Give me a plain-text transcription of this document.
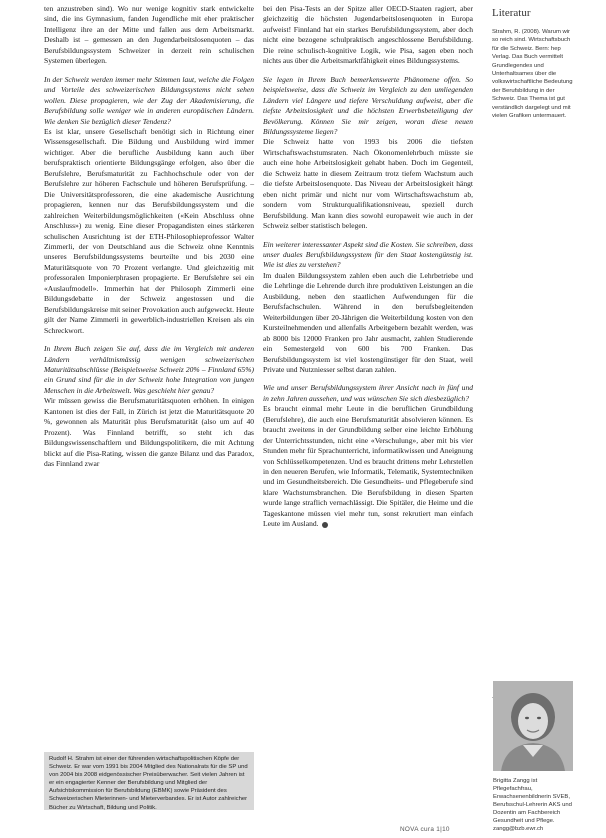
ten anzustreben sind). Wo nur wenige kognitiv stark entwickelte sind, die ins Gymnasium, fanden Jugendliche mit eher praktischer Intelligenz ihre an der Mitte und fallen aus dem Arbeitsmarkt. Deshalb ist – gemessen an den Jugendarbeitslosenquoten – das Berufsbildungssystem Schweizer in derzeit rein schulischen Systemen überlegen.

In der Schweiz werden immer mehr Stimmen laut, welche die Folgen und Vorteile des schweizerischen Bildungssystems nicht sehen wollen. Diese propagieren, wie der Zug der Akademisierung, die Berufsbildung solle weniger wie in anderen europäischen Ländern. Wie denken Sie bezüglich dieser Tendenz?

Es ist klar, unsere Gesellschaft benötigt sich in Richtung einer Wissensgesellschaft. Die Bildung und Ausbildung wird immer wichtiger. Aber die berufliche Ausbildung kann auch über berufspraktisch orientierte Bildungsgänge erfolgen, also über die Berufslehre, Berufsmaturität zu Fachhochschule oder von der Berufslehre zur höheren Fachschule und höheren Berufsprüfung. – Die Universitätsprofessoren, die eine akademische Ausrichtung propagieren, kennen nur das Berufsbildungssystem und die zahlreichen Weiterbildungsmöglichkeiten («Kein Abschluss ohne Anschluss») zu wenig. Eine dieser Propagandisten eines stärkeren schulischen Ausrichtung ist der ETH-Philosophieprofessor Walter Zimmerli, der von Deutschland aus die Schweiz ohne Kenntnis unseres Berufsbildungssystems beurteilte und bis 2030 eine Maturitätsquote von 70 Prozent verlangte. Und gleichzeitig mit professoralen Imponierphrasen propagierte. Er Berufslehre sei ein «Auslaufmodell». Immerhin hat der Philosoph Zimmerli eine Bildungsdebatte in der Schweiz angestossen und die Berufsbildungskreise mit seiner Provokation auch aufgeweckt. Heute gilt der Name Zimmerli in gewerblich-industriellen Kreisen als ein Schreckwort.

In Ihrem Buch zeigen Sie auf, dass die im Vergleich mit anderen Ländern verhältnismässig wenigen schweizerischen Maturitätsabschlüsse (Beispielsweise Schweiz 20% – Finnland 65%) ein Grund sind für die in der Schweiz hohe Integration von jungen Menschen in die Arbeitswelt. Was geschieht hier genau?

Wir müssen gewiss die Berufsmaturitätsquoten erhöhen. In einigen Kantonen ist dies der Fall, in Zürich ist jetzt die Maturitätsquote 20 %, gewonnen als Maturität plus Berufsmaturität (also um auf 40 Prozent). Was Finnland betrifft, so steht ich das Bildungswissenschaftlern und Bildungspolitikern, die mit Achtung blickt auf die Pisa-Rating, wissen die ganze Bilanz und das Paradox, das Finnland zwar

Rudolf H. Strahm ist einer der führenden wirtschaftspolitischen Köpfe der Schweiz. Er war vom 1991 bis 2004 Mitglied des Nationalrats für die SP und von 2004 bis 2008 eidgenössischer Preisüberwacher. Seit vielen Jahren ist er ein engagierter Kenner der Berufsbildung und Mitglied der Aufsichtskommission für Berufsbildung (EBMK) sowie Präsident des Schweizerischen Mieterinnen- und Mieterverbandes. Er ist Autor zahlreicher Bücher zu Wirtschaft, Bildung und Politik.

bei den Pisa-Tests an der Spitze aller OECD-Staaten ragiert, aber gleichzeitig die höchsten Jugendarbeitslosenquoten in Europa aufweist! Finnland hat ein starkes Berufsbildungssystem, aber doch nicht eine bezogene schulpraktisch angeschlossene Berufsbildung. Die reine schulisch-kognitive Logik, wie Pisa, sagen eben noch nichts aus über die Arbeitsmarktfähigkeit eines Bildungssystems.

Sie legen in Ihrem Buch bemerkenswerte Phänomene offen. So beispielsweise, dass die Schweiz im Vergleich zu den umliegenden Ländern viel Längere und tiefere Verschuldung aufweist, aber die tiefste Arbeitslosigkeit und die höchsten Erwerbsbeteiligung der Bevölkerung. Können Sie mir zeigen, woran diese neuen Bildungssysteme liegen?

Die Schweiz hatte von 1993 bis 2006 die tiefsten Wirtschaftswachstumsraten. Nach Ökonomenlehrbuch müsste sie auch eine hohe Arbeitslosigkeit gehabt haben. Doch im Gegenteil, die Schweiz hatte in diesem Zeitraum trotz tiefem Wachstum auch die tiefste Arbeitslosenquote. Das Niveau der Arbeitslosigkeit hängt eben nicht primär und nicht nur vom Wirtschaftswachstum ab, sondern vom Strukturqualifikationsniveau, speziell durch Berufsbildung. Man kann dies sowohl europaweit wie auch in der Schweiz selber statistisch belegen.

Ein weiterer interessanter Aspekt sind die Kosten. Sie schreiben, dass unser duales Berufsbildungssystem für den Staat kostengünstig ist. Wie ist dies zu verstehen?

Im dualen Bildungssystem zahlen eben auch die Lehrbetriebe und die Lehrlinge die Lehrende durch ihre produktiven Leistungen an die Ausbildung, neben den staatlichen Aufwendungen für die Berufsfachschulen. Während in den berufsbegleitenden Weiterbildungen über 20-Jährigen die Weiterbildung kosten von den Kursteilnehmenden und allenfalls Arbeitgebern bezahlt werden, was ab 8000 bis 12000 Franken pro Jahr ausmacht, zahlen Studierende ein Semestergeld von 600 bis 700 Franken. Das Berufsbildungssystem ist viel kostengünstiger für den Staat, weil Private und Nutzniesser selbst daran zahlen.

Wie und unser Berufsbildungssystem ihrer Ansicht nach in fünf und in zehn Jahren aussehen, und was wünschen Sie sich diesbezüglich?

Es braucht einmal mehr Leute in die beruflichen Grundbildung (Berufslehre), die auch eine Berufsmaturität absolvieren können. Es braucht zweitens in der Grundbildung selber eine leichte Erhöhung der Unterrichtsstunden, nicht eine «Verschulung», aber mit bis vier Stunden mehr für Sprachunterricht, informatikwissen und Aneignung von Schlüsselkompetenzen. Und es braucht drittens mehr Lehrstellen in den neueren Berufen, wie Informatik, Telematik, Systemtechniken und im Gesundheitsbereich. Die Gesundheits- und Pflegeberufe sind klare Wachstumsbranchen. Die Berufsbildung in diesen Sparten wurde lange straflich vernachlässigt. Die Spitäler, die Heime und die Tageskantone müssen viel mehr tun, sonst rekrutiert man einfach Leute im Ausland.

Literatur
Strahm, R. (2008). Warum wir so reich sind. Wirtschaftsbuch für die Schweiz. Bern: hep Verlag. Das Buch vermittelt Grundlegendes und Unterhaltsames über die volkswirtschaftliche Bedeutung der Berufsbildung in der Schweiz. Das Thema ist gut verständlich dargelegt und mit vielen Grafiken untermauert.
Brigitta Zangg ist Pflegefachfrau, Erwachsenenbildnerin SVEB, Berufsschul-Lehrerin AKS und Dozentin am Fachbereich Gesundheit und Pflege.
zangg@bzb.ewr.ch
NOVA cura 1|10
